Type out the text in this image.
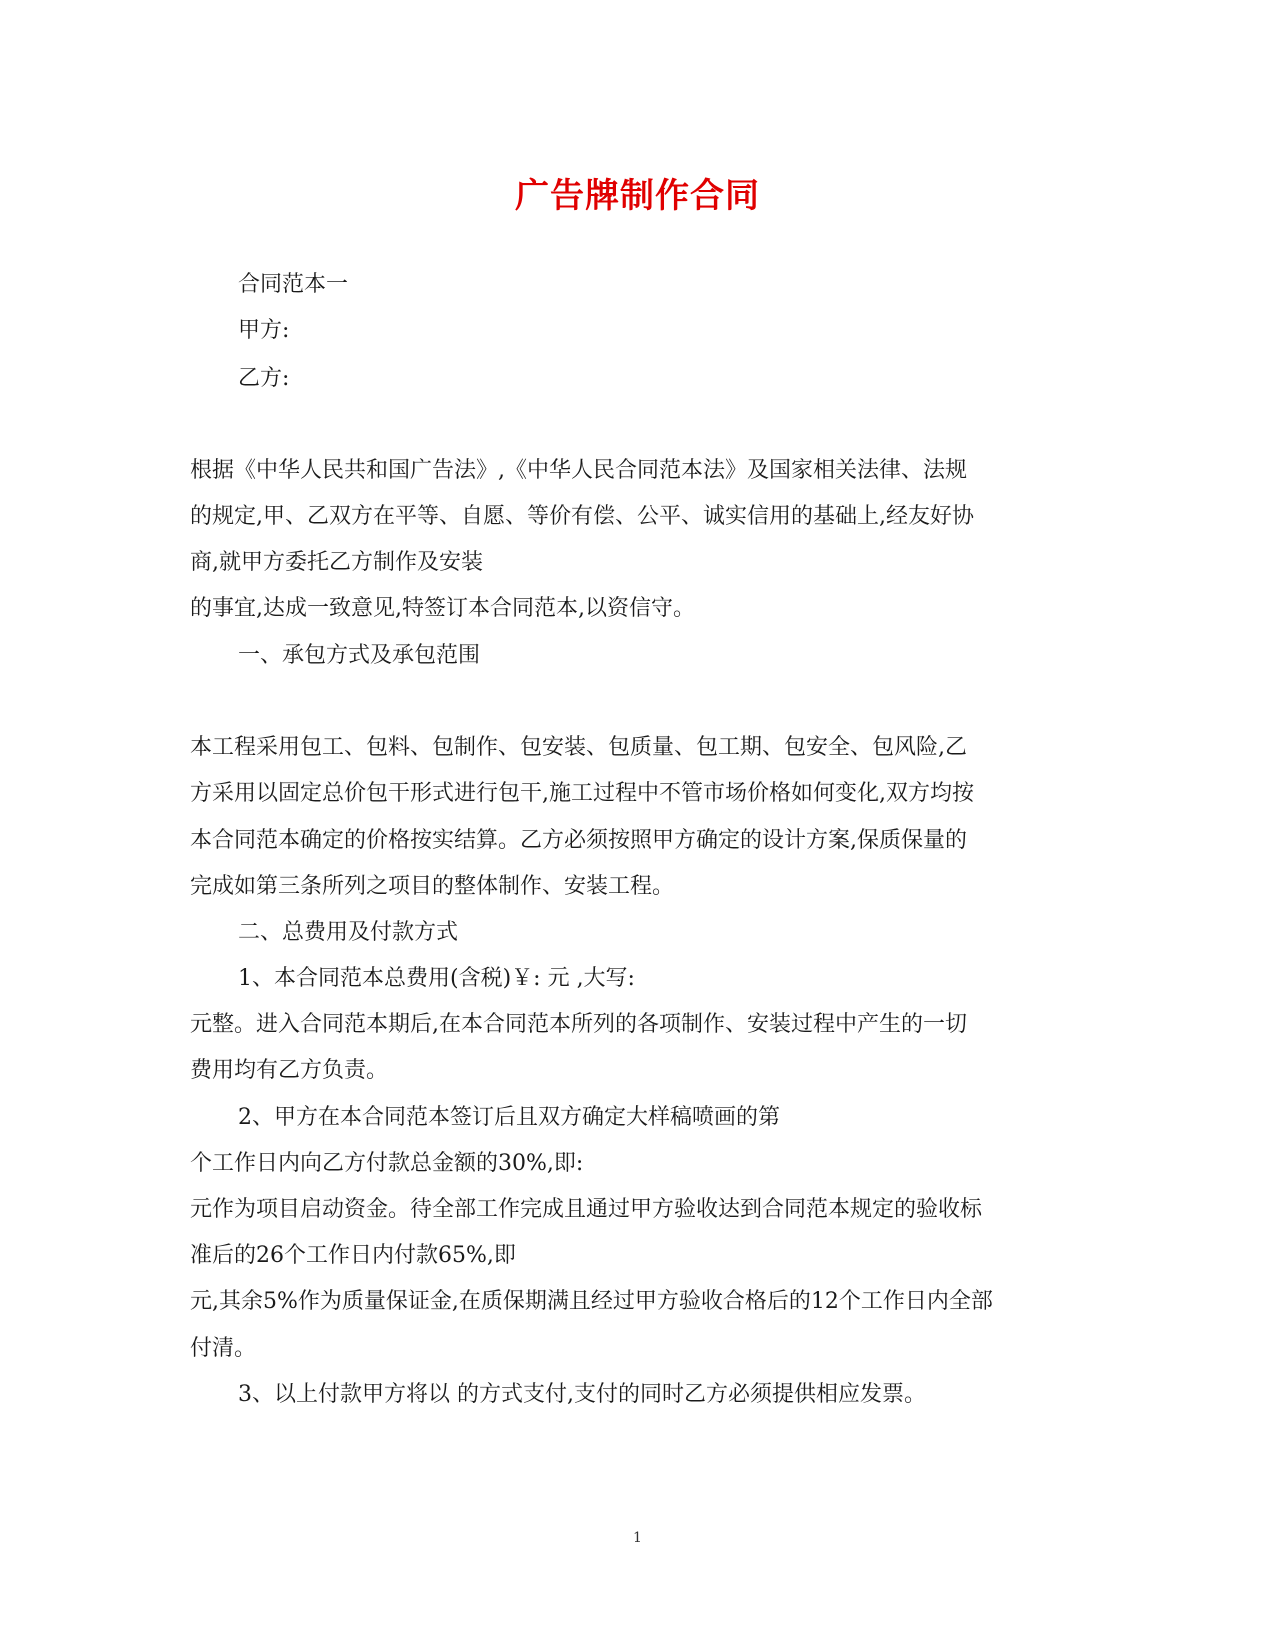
广告牌制作合同
合同范本一
甲方:
乙方:
根据《中华人民共和国广告法》,《中华人民合同范本法》及国家相关法律、法规
的规定,甲、乙双方在平等、自愿、等价有偿、公平、诚实信用的基础上,经友好协
商,就甲方委托乙方制作及安装
的事宜,达成一致意见,特签订本合同范本,以资信守。
一、承包方式及承包范围
本工程采用包工、包料、包制作、包安装、包质量、包工期、包安全、包风险,乙
方采用以固定总价包干形式进行包干,施工过程中不管市场价格如何变化,双方均按
本合同范本确定的价格按实结算。乙方必须按照甲方确定的设计方案,保质保量的
完成如第三条所列之项目的整体制作、安装工程。
二、总费用及付款方式
1、本合同范本总费用(含税)￥: 元 ,大写:
元整。进入合同范本期后,在本合同范本所列的各项制作、安装过程中产生的一切
费用均有乙方负责。
2、甲方在本合同范本签订后且双方确定大样稿喷画的第
个工作日内向乙方付款总金额的30%,即:
元作为项目启动资金。待全部工作完成且通过甲方验收达到合同范本规定的验收标
准后的26个工作日内付款65%,即
元,其余5%作为质量保证金,在质保期满且经过甲方验收合格后的12个工作日内全部
付清。
3、以上付款甲方将以 的方式支付,支付的同时乙方必须提供相应发票。
1
